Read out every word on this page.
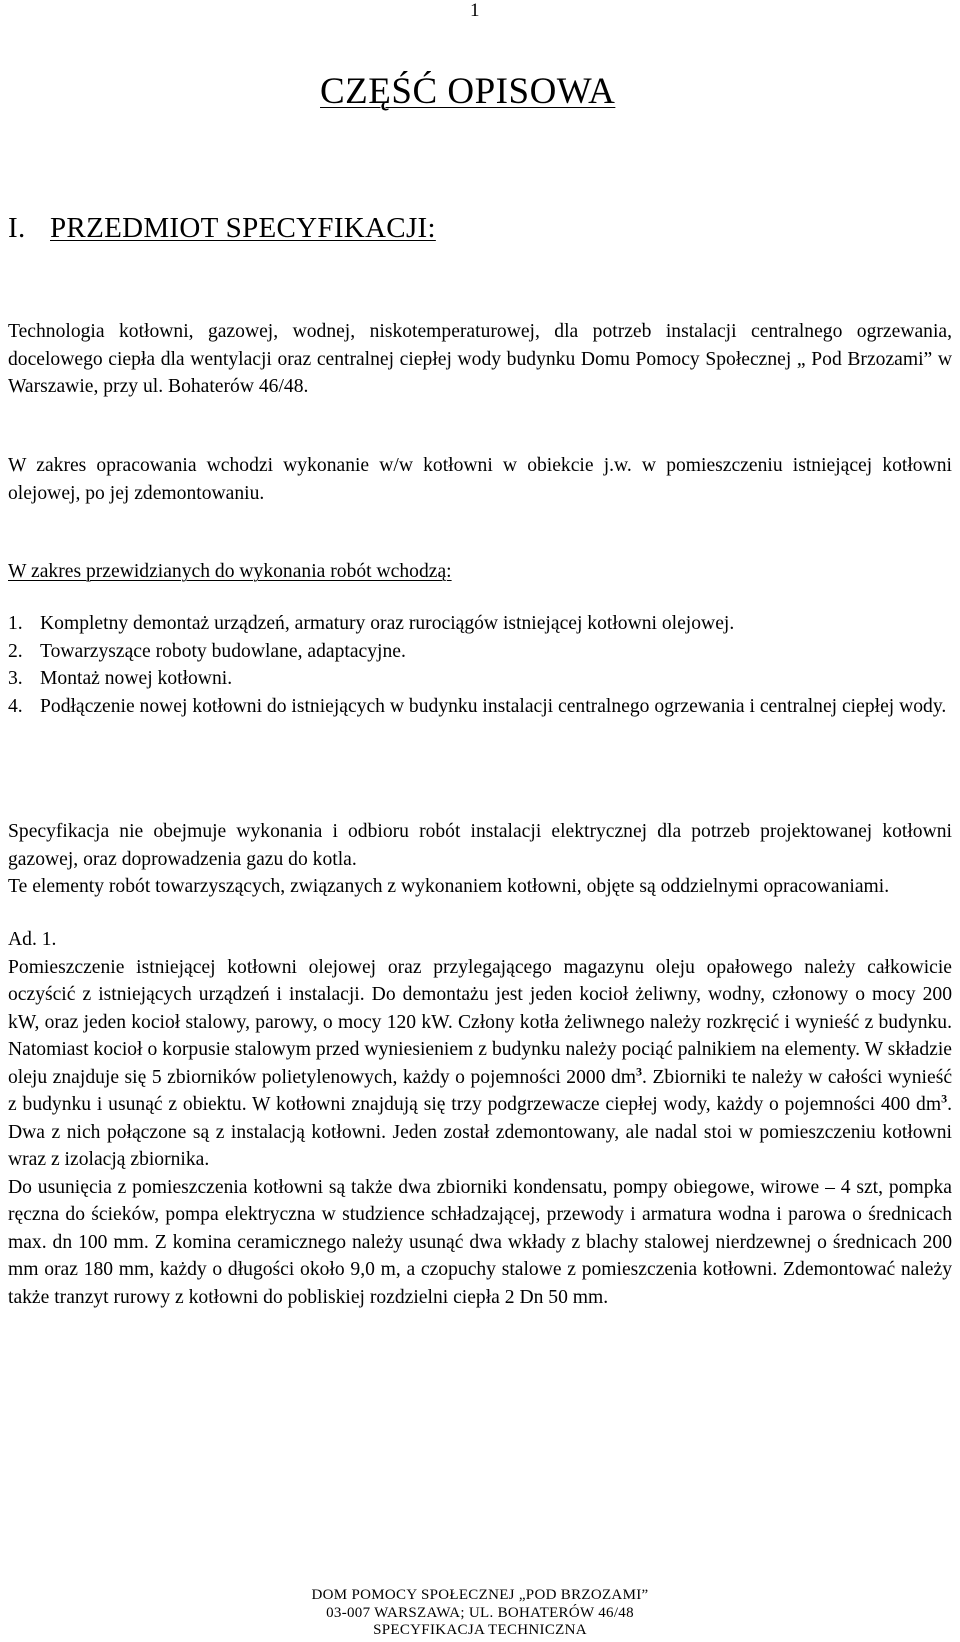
1
CZĘŚĆ OPISOWA
I. PRZEDMIOT SPECYFIKACJI:
Technologia kotłowni, gazowej, wodnej, niskotemperaturowej, dla potrzeb instalacji centralnego ogrzewania, docelowego ciepła dla wentylacji oraz centralnej ciepłej wody budynku Domu Pomocy Społecznej „ Pod Brzozami” w Warszawie, przy ul. Bohaterów 46/48.
W zakres opracowania wchodzi wykonanie w/w kotłowni w obiekcie j.w. w pomieszczeniu istniejącej kotłowni olejowej, po jej zdemontowaniu.
W zakres przewidzianych do wykonania robót wchodzą:
1. Kompletny demontaż urządzeń, armatury oraz rurociągów istniejącej kotłowni olejowej.
2. Towarzyszące roboty budowlane, adaptacyjne.
3. Montaż nowej kotłowni.
4. Podłączenie nowej kotłowni do istniejących w budynku instalacji centralnego ogrzewania i centralnej ciepłej wody.
Specyfikacja nie obejmuje wykonania i odbioru robót instalacji elektrycznej dla potrzeb projektowanej kotłowni gazowej, oraz doprowadzenia gazu do kotla.
Te elementy robót towarzyszących, związanych z wykonaniem kotłowni, objęte są oddzielnymi opracowaniami.
Ad. 1.
Pomieszczenie istniejącej kotłowni olejowej oraz przylegającego magazynu oleju opałowego należy całkowicie oczyścić z istniejących urządzeń i instalacji. Do demontażu jest jeden kocioł żeliwny, wodny, członowy o mocy 200 kW, oraz jeden kocioł stalowy, parowy, o mocy 120 kW. Człony kotła żeliwnego należy rozkręcić i wynieść z budynku. Natomiast kocioł o korpusie stalowym przed wyniesieniem z budynku należy pociąć palnikiem na elementy. W składzie oleju znajduje się 5 zbiorników polietylenowych, każdy o pojemności 2000 $dm^3$. Zbiorniki te należy w całości wynieść z budynku i usunąć z obiektu. W kotłowni znajdują się trzy podgrzewacze ciepłej wody, każdy o pojemności 400 $dm^3$. Dwa z nich połączone są z instalacją kotłowni. Jeden został zdemontowany, ale nadal stoi w pomieszczeniu kotłowni wraz z izolacją zbiornika.
Do usunięcia z pomieszczenia kotłowni są także dwa zbiorniki kondensatu, pompy obiegowe, wirowe – 4 szt, pompka ręczna do ścieków, pompa elektryczna w studzience schładzającej, przewody i armatura wodna i parowa o średnicach max. dn 100 mm. Z komina ceramicznego należy usunąć dwa wkłady z blachy stalowej nierdzewnej o średnicach 200 mm oraz 180 mm, każdy o długości około 9,0 m, a czopuchy stalowe z pomieszczenia kotłowni. Zdemontować należy także tranzyt rurowy z kotłowni do pobliskiej rozdzielni ciepła 2 Dn 50 mm.
DOM POMOCY SPOŁECZNEJ „POD BRZOZAMI”
03-007 WARSZAWA; UL. BOHATERÓW 46/48
SPECYFIKACJA TECHNICZNA
